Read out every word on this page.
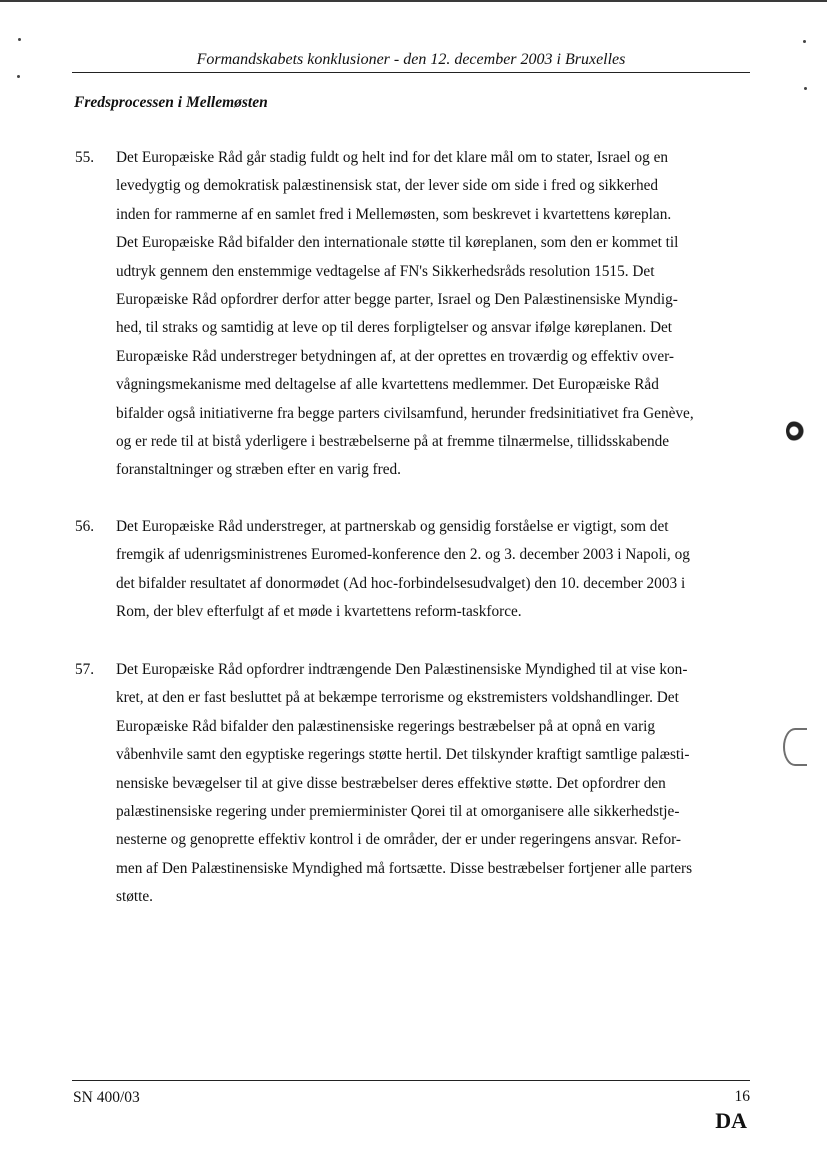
Formandskabets konklusioner - den 12. december 2003 i Bruxelles
Fredsprocessen i Mellemøsten
55. Det Europæiske Råd går stadig fuldt og helt ind for det klare mål om to stater, Israel og en
levedygtig og demokratisk palæstinensisk stat, der lever side om side i fred og sikkerhed
inden for rammerne af en samlet fred i Mellemøsten, som beskrevet i kvartettens køreplan.
Det Europæiske Råd bifalder den internationale støtte til køreplanen, som den er kommet til
udtryk gennem den enstemmige vedtagelse af FN's Sikkerhedsråds resolution 1515. Det
Europæiske Råd opfordrer derfor atter begge parter, Israel og Den Palæstinensiske Myndig-
hed, til straks og samtidig at leve op til deres forpligtelser og ansvar ifølge køreplanen. Det
Europæiske Råd understreger betydningen af, at der oprettes en troværdig og effektiv over-
vågningsmekanisme med deltagelse af alle kvartettens medlemmer. Det Europæiske Råd
bifalder også initiativerne fra begge parters civilsamfund, herunder fredsinitiativet fra Genève,
og er rede til at bistå yderligere i bestræbelserne på at fremme tilnærmelse, tillidsskabende
foranstaltninger og stræben efter en varig fred.
56. Det Europæiske Råd understreger, at partnerskab og gensidig forståelse er vigtigt, som det
fremgik af udenrigsministrenes Euromed-konference den 2. og 3. december 2003 i Napoli, og
det bifalder resultatet af donormødet (Ad hoc-forbindelsesudvalget) den 10. december 2003 i
Rom, der blev efterfulgt af et møde i kvartettens reform-taskforce.
57. Det Europæiske Råd opfordrer indtrængende Den Palæstinensiske Myndighed til at vise kon-
kret, at den er fast besluttet på at bekæmpe terrorisme og ekstremisters voldshandlinger. Det
Europæiske Råd bifalder den palæstinensiske regerings bestræbelser på at opnå en varig
våbenhvile samt den egyptiske regerings støtte hertil. Det tilskynder kraftigt samtlige palæsti-
nensiske bevægelser til at give disse bestræbelser deres effektive støtte. Det opfordrer den
palæstinensiske regering under premierminister Qorei til at omorganisere alle sikkerhedstje-
nesterne og genoprette effektiv kontrol i de områder, der er under regeringens ansvar. Refor-
men af Den Palæstinensiske Myndighed må fortsætte. Disse bestræbelser fortjener alle parters
støtte.
SN 400/03	16
DA
